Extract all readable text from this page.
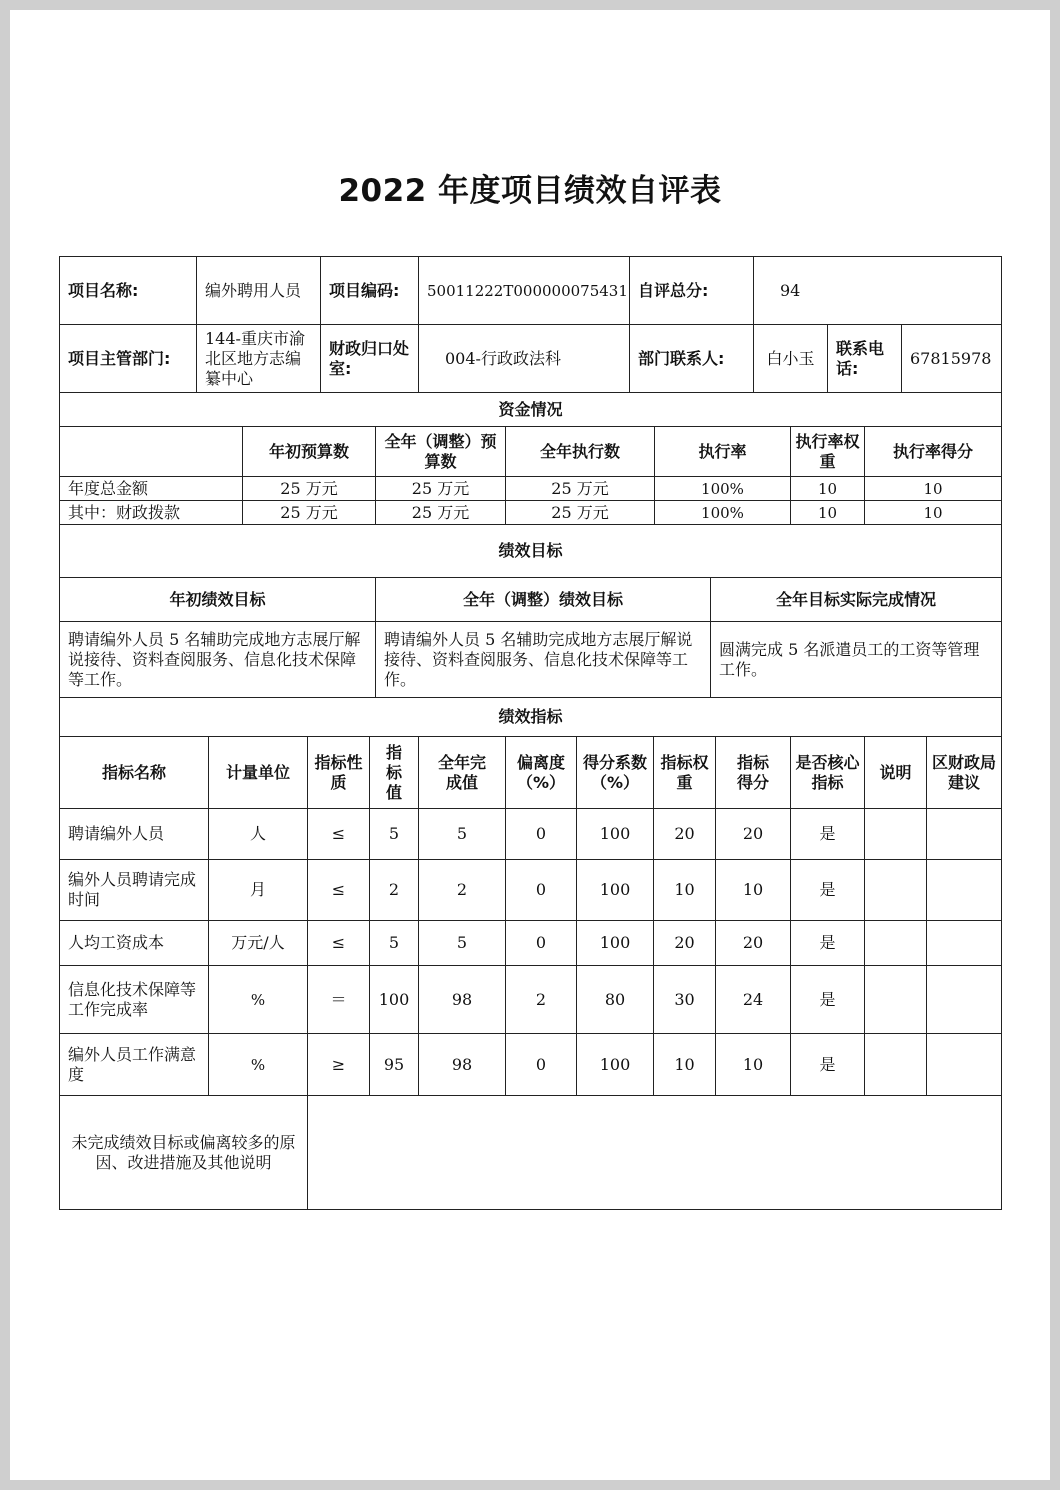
2022 年度项目绩效自评表
项目名称:	编外聘用人员	项目编码:	50011222T000000075431	自评总分:	94		
项目主管部门:	144-重庆市渝北区地方志编纂中心	财政归口处室:	004-行政政法科	部门联系人:	白小玉	联系电话:	67815978
资金情况						
	年初预算数	全年（调整）预算数	全年执行数	执行率	执行率权重	执行率得分
年度总金额	25 万元	25 万元	25 万元	100%	10	10
其中：财政拨款	25 万元	25 万元	25 万元	100%	10	10
绩效目标		
年初绩效目标	全年（调整）绩效目标	全年目标实际完成情况
聘请编外人员 5 名辅助完成地方志展厅解说接待、资料查阅服务、信息化技术保障等工作。	聘请编外人员 5 名辅助完成地方志展厅解说接待、资料查阅服务、信息化技术保障等工作。	圆满完成 5 名派遣员工的工资等管理工作。
绩效指标											
指标名称	计量单位	指标性质	指标值	全年完成值	偏离度（%）	得分系数（%）	指标权重	指标得分	是否核心指标	说明	区财政局建议
聘请编外人员	人	≤	5	5	0	100	20	20	是		
编外人员聘请完成时间	月	≤	2	2	0	100	10	10	是		
人均工资成本	万元/人	≤	5	5	0	100	20	20	是		
信息化技术保障等工作完成率	%	＝	100	98	2	80	30	24	是		
编外人员工作满意度	%	≥	95	98	0	100	10	10	是		
未完成绩效目标或偏离较多的原因、改进措施及其他说明											
